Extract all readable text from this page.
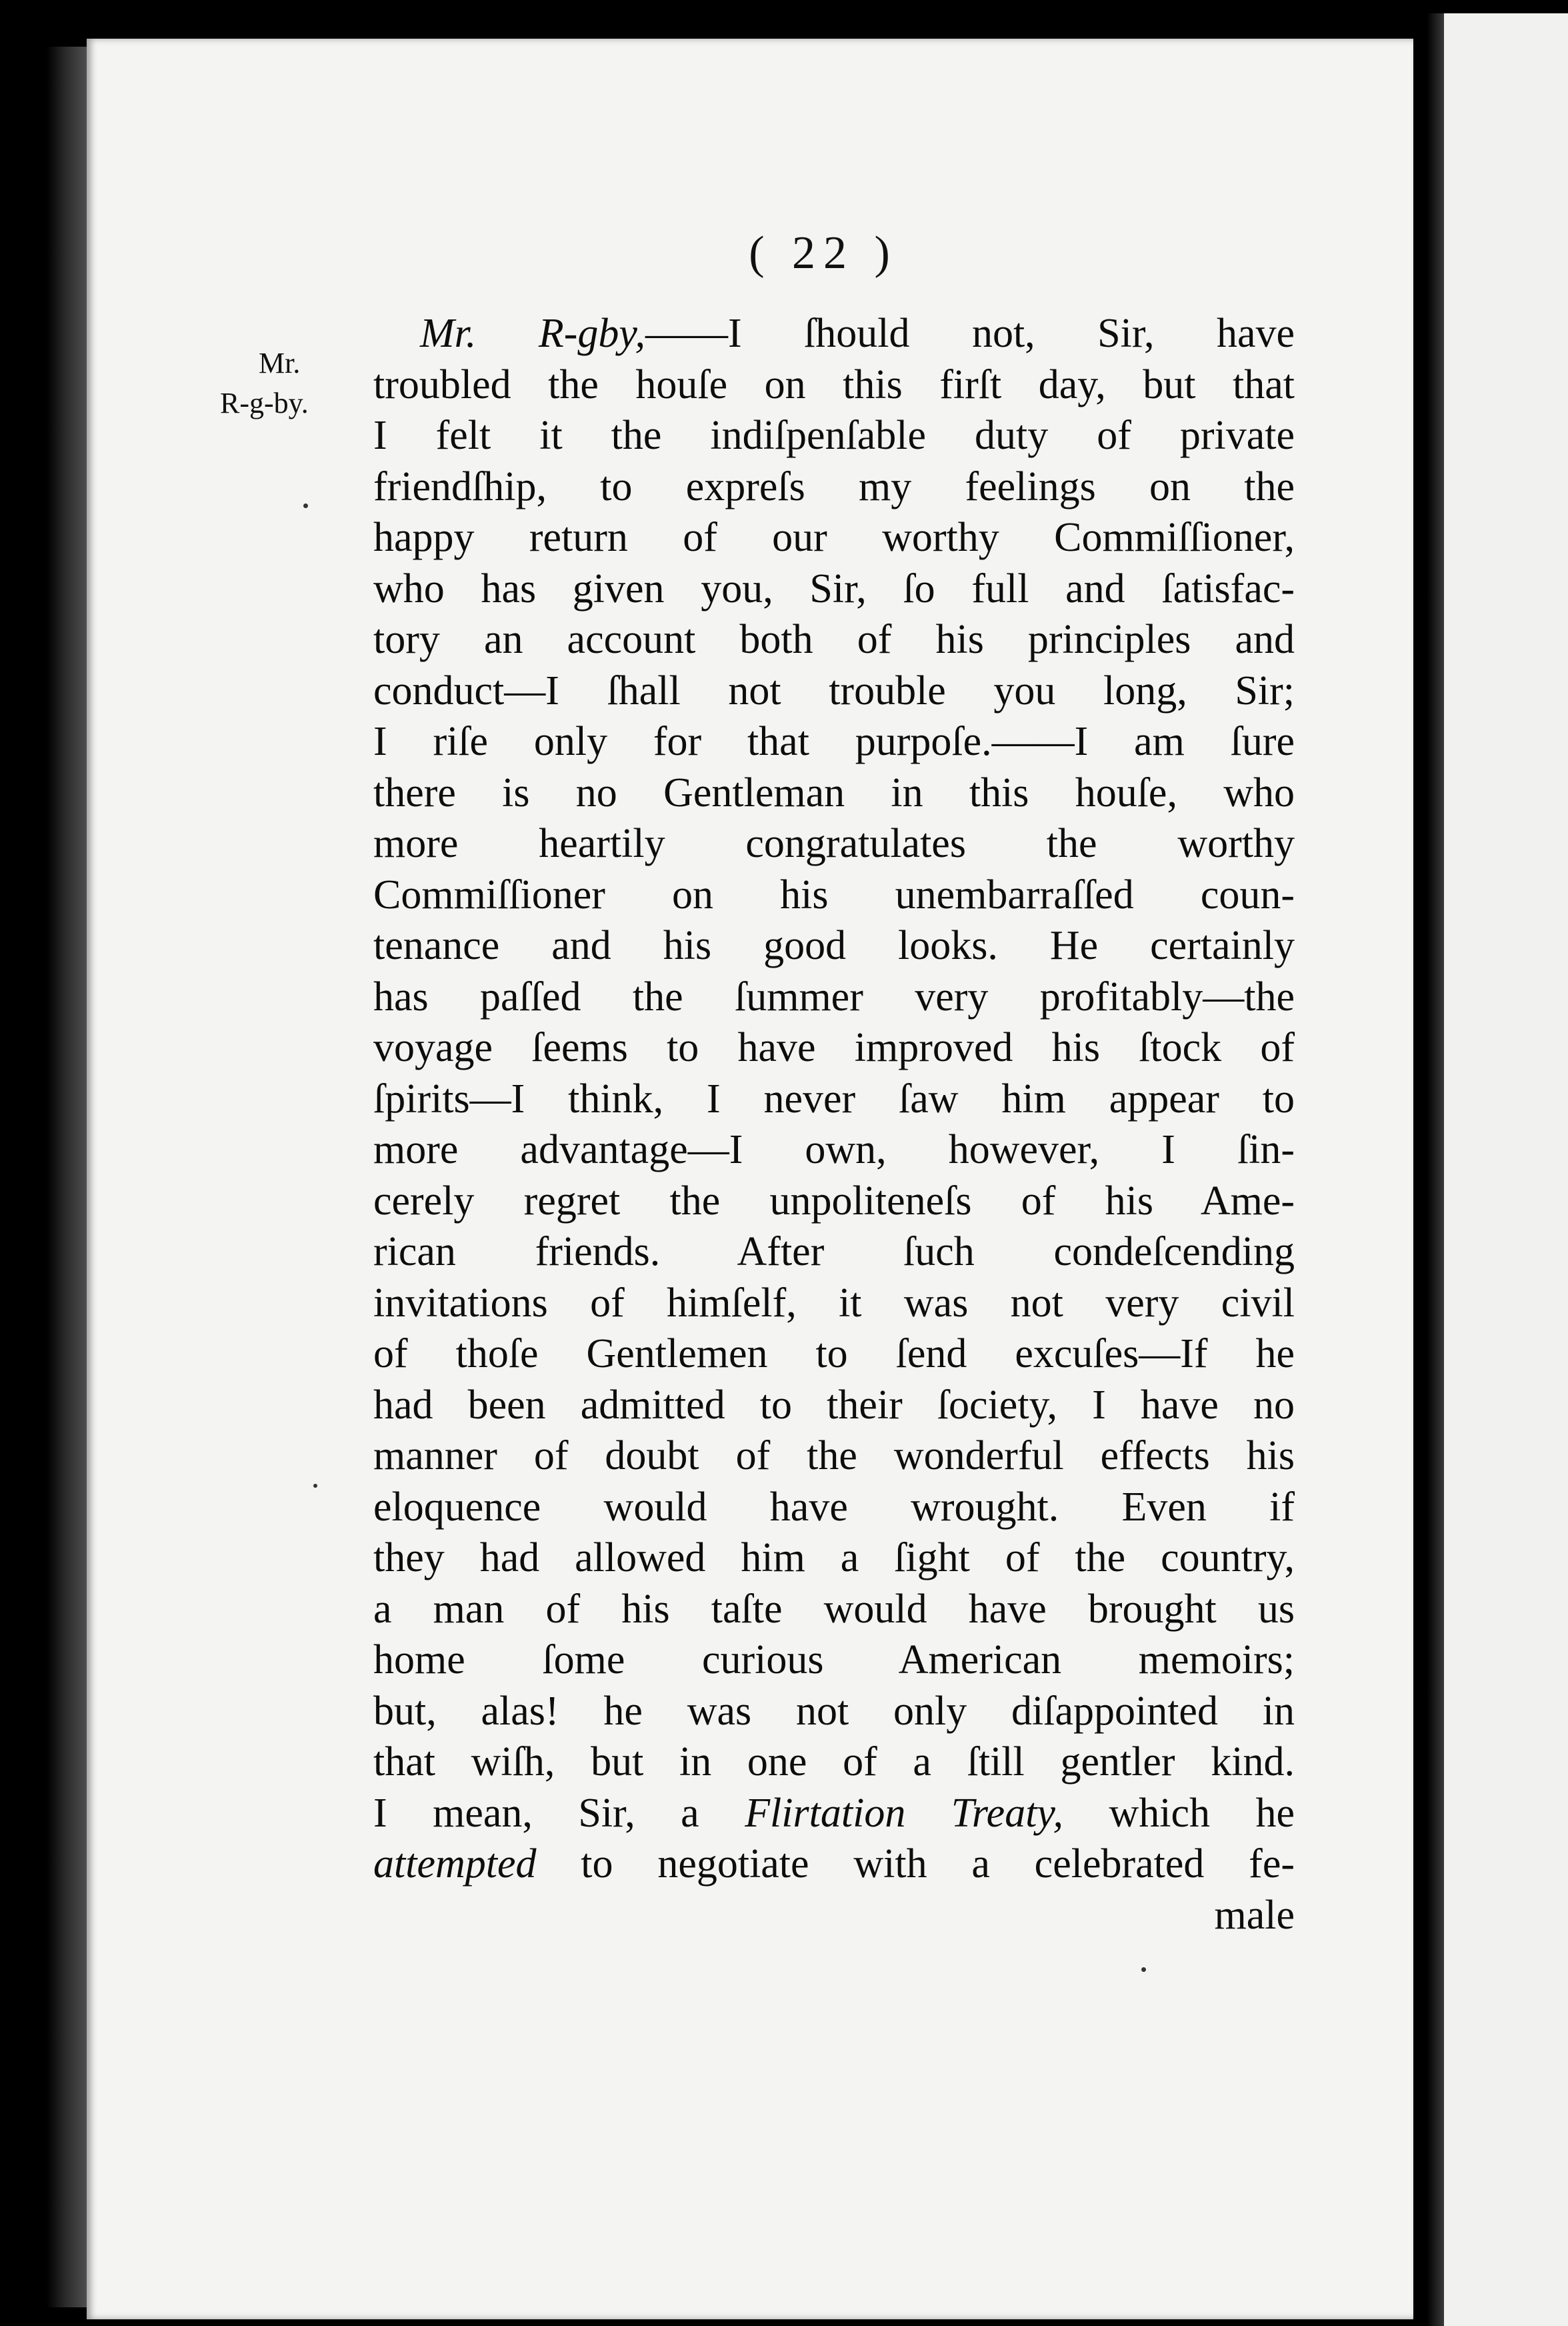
( 22 )
Mr.
R-g-by.
Mr. R-gby,——I ſhould not, Sir, have
troubled the houſe on this firſt day, but that
I felt it the indiſpenſable duty of private
friendſhip, to expreſs my feelings on the
happy return of our worthy Commiſſioner,
who has given you, Sir, ſo full and ſatisfac-
tory an account both of his principles and
conduct—I ſhall not trouble you long, Sir;
I riſe only for that purpoſe.——I am ſure
there is no Gentleman in this houſe, who
more heartily congratulates the worthy
Commiſſioner on his unembarraſſed coun-
tenance and his good looks. He certainly
has paſſed the ſummer very profitably—the
voyage ſeems to have improved his ſtock of
ſpirits—I think, I never ſaw him appear to
more advantage—I own, however, I ſin-
cerely regret the unpoliteneſs of his Ame-
rican friends. After ſuch condeſcending
invitations of himſelf, it was not very civil
of thoſe Gentlemen to ſend excuſes—If he
had been admitted to their ſociety, I have no
manner of doubt of the wonderful effects his
eloquence would have wrought. Even if
they had allowed him a ſight of the country,
a man of his taſte would have brought us
home ſome curious American memoirs;
but, alas! he was not only diſappointed in
that wiſh, but in one of a ſtill gentler kind.
I mean, Sir, a Flirtation Treaty, which he
attempted to negotiate with a celebrated fe-
male
